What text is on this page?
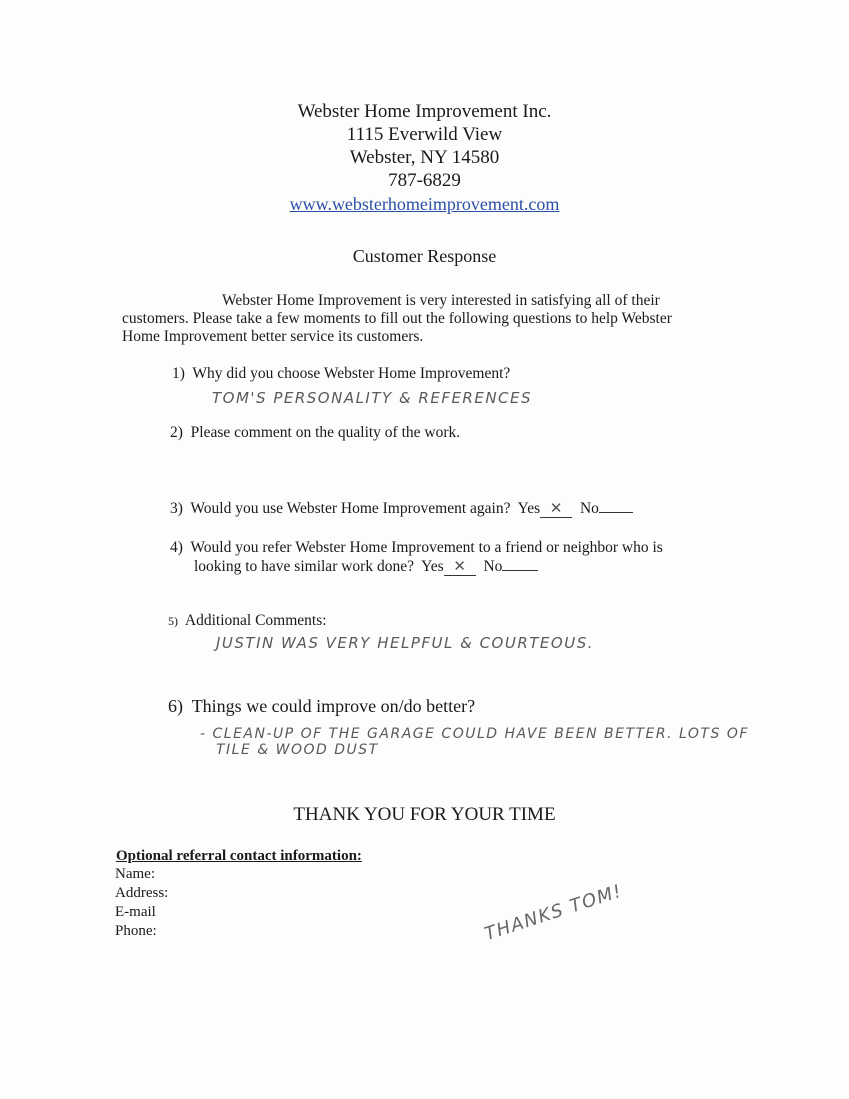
Webster Home Improvement Inc.
1115 Everwild View
Webster, NY 14580
787-6829
www.websterhomeimprovement.com
Customer Response
Webster Home Improvement is very interested in satisfying all of their
customers. Please take a few moments to fill out the following questions to help Webster
Home Improvement better service its customers.
1) Why did you choose Webster Home Improvement?
TOM'S PERSONALITY & REFERENCES
2) Please comment on the quality of the work.
3) Would you use Webster Home Improvement again? Yes ✕ No
4) Would you refer Webster Home Improvement to a friend or neighbor who is
looking to have similar work done? Yes ✕ No
5) Additional Comments:
JUSTIN WAS VERY HELPFUL & COURTEOUS.
6) Things we could improve on/do better?
- CLEAN-UP OF THE GARAGE COULD HAVE BEEN BETTER. LOTS OF
TILE & WOOD DUST
THANK YOU FOR YOUR TIME
Optional referral contact information:
Name:
Address:
E-mail
Phone:	THANKS TOM!
